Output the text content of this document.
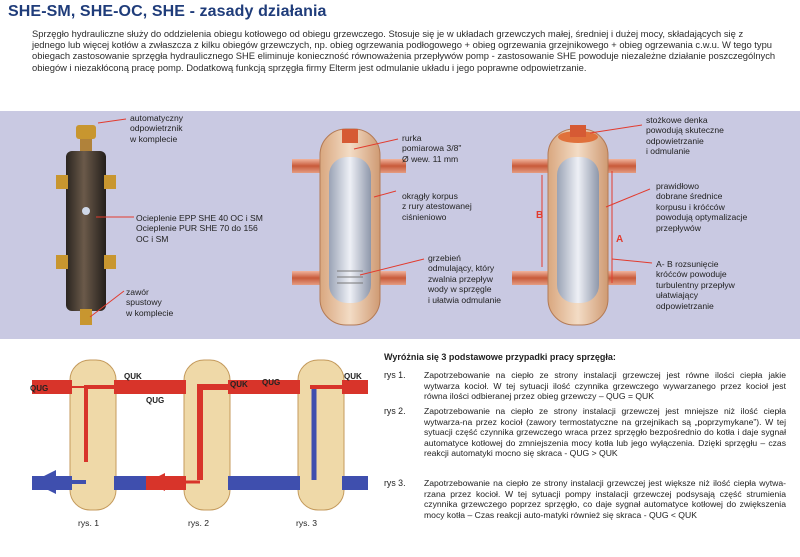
SHE-SM, SHE-OC, SHE - zasady działania
Sprzęgło hydrauliczne służy do oddzielenia obiegu kotłowego od obiegu grzewczego. Stosuje się je w układach grzewczych małej, średniej i dużej mocy, składających się z jednego lub więcej kotłów a zwłaszcza z kilku obiegów grzewczych, np. obieg ogrzewania podłogowego + obieg ogrzewania grzejnikowego + obieg ogrzewania c.w.u. W tego typu obiegach zastosowanie sprzęgła hydraulicznego SHE eliminuje konieczność równoważenia przepływów pomp - zastosowanie SHE powoduje niezależne działanie poszczególnych obiegów i niezakłóconą pracę pomp. Dodatkową funkcją sprzęgła firmy Elterm jest odmulanie układu i jego poprawne odpowietrzanie.
automatyczny
odpowietrznik
w komplecie
Ocieplenie EPP SHE 40 OC i SM
Ocieplenie PUR SHE 70 do 156
OC i SM
zawór
spustowy
w komplecie
rurka
pomiarowa 3/8"
Ø wew. 11 mm
okrągły korpus
z rury atestowanej
ciśnieniowo
grzebień
odmulający, który
zwalnia przepływ
wody w sprzęgle
i ułatwia odmulanie
stożkowe denka
powodują skuteczne
odpowietrzanie
i odmulanie
prawidłowo
dobrane średnice
korpusu i króćców
powodują optymalizacje
przepływów
A- B rozsunięcie
króćców powoduje
turbulentny przepływ
ułatwiający
odpowietrzanie
B
A
QUG
QUK
QUG
QUK QUG
QUK
rys. 1	rys. 2	rys. 3
Wyróżnia się 3 podstawowe przypadki pracy sprzęgła:
rys 1. Zapotrzebowanie na ciepło ze strony instalacji grzewczej jest równe ilości ciepła jakie wytwarza kocioł. W tej sytuacji ilość czynnika grzewczego wywarzanego przez kocioł jest równa ilości odbieranej przez obieg grzewczy – QUG = QUK
rys 2. Zapotrzebowanie na ciepło ze strony instalacji grzewczej jest mniejsze niż ilość ciepła wytwarza-na przez kocioł (zawory termostatyczne na grzejnikach są „poprzymykane”). W tej sytuacji część czynnika grzewczego wraca przez sprzęgło bezpośrednio do kotła i daje sygnał automatyce kotłowej do zmniejszenia mocy kotła lub jego wyłączenia. Dzięki sprzęgłu – czas reakcji automatyki mocno się skraca - QUG > QUK
rys 3. Zapotrzebowanie na ciepło ze strony instalacji grzewczej jest większe niż ilość ciepła wytwa-rzana przez kocioł. W tej sytuacji pompy instalacji grzewczej podsysają część strumienia czynnika grzewczego poprzez sprzęgło, co daje sygnał automatyce kotłowej do zwiększenia mocy kotła – Czas reakcji auto-matyki również się skraca - QUG < QUK
